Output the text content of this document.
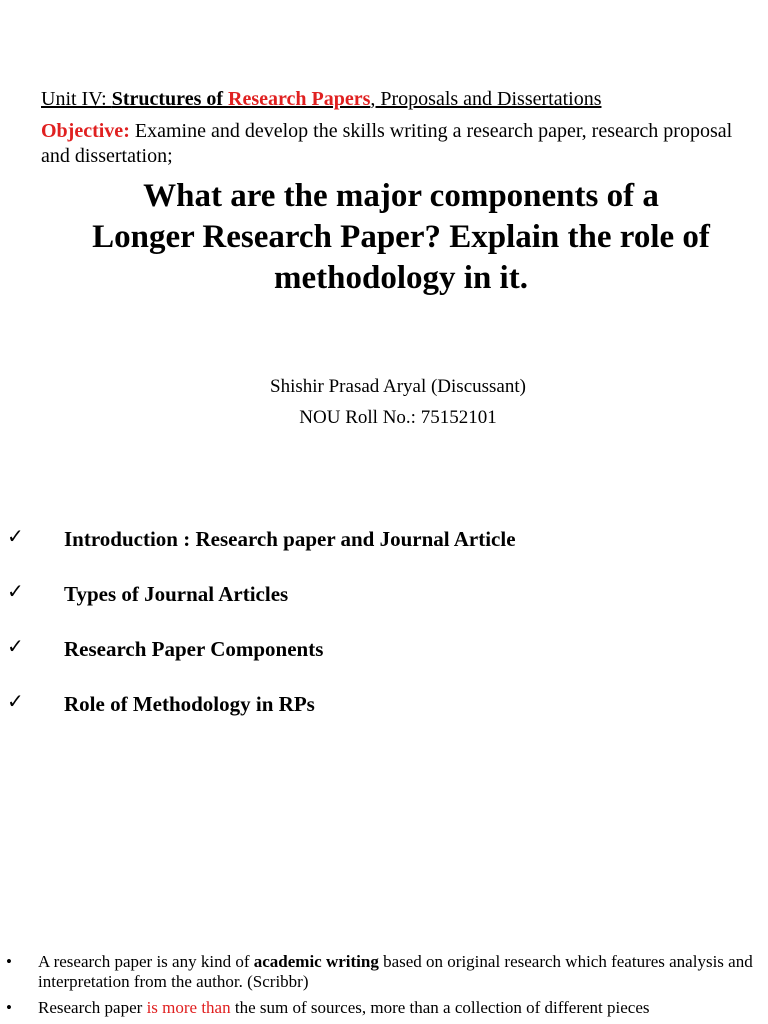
Unit IV: Structures of Research Papers, Proposals and Dissertations
Objective: Examine and develop the skills writing a research paper, research proposal and dissertation;
What are the major components of a
Longer Research Paper? Explain the role of
methodology in it.
Shishir Prasad Aryal (Discussant)
NOU Roll No.: 75152101
✓ Introduction : Research paper and Journal Article
✓ Types of Journal Articles
✓ Research Paper Components
✓ Role of Methodology in RPs
• A research paper is any kind of academic writing based on original research which features analysis and interpretation from the author. (Scribbr)
• Research paper is more than the sum of sources, more than a collection of different pieces
